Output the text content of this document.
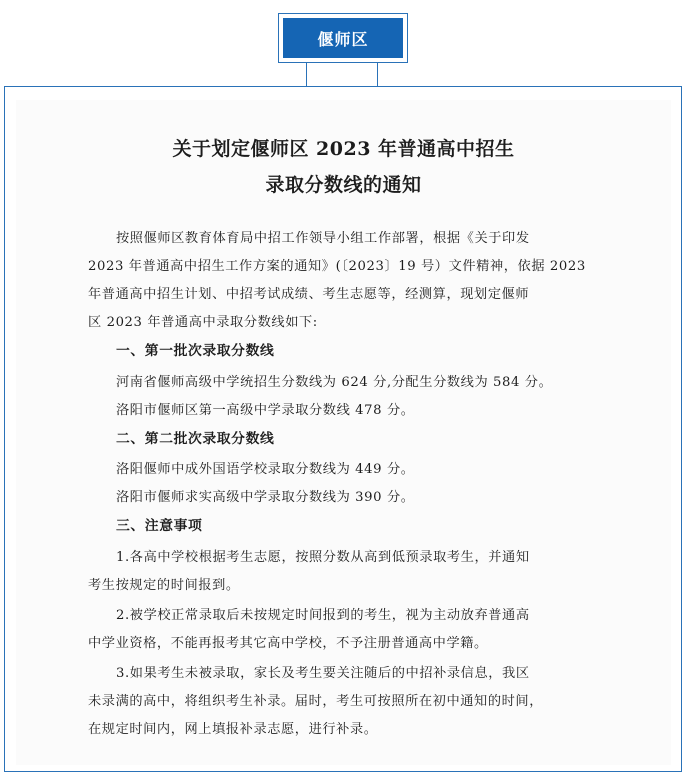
偃师区
关于划定偃师区 2023 年普通高中招生
录取分数线的通知
按照偃师区教育体育局中招工作领导小组工作部署，根据《关于印发
2023 年普通高中招生工作方案的通知》(〔2023〕19 号）文件精神，依据 2023
年普通高中招生计划、中招考试成绩、考生志愿等，经测算，现划定偃师
区 2023 年普通高中录取分数线如下:
一、第一批次录取分数线
河南省偃师高级中学统招生分数线为 624 分,分配生分数线为 584 分。
洛阳市偃师区第一高级中学录取分数线 478 分。
二、第二批次录取分数线
洛阳偃师中成外国语学校录取分数线为 449 分。
洛阳市偃师求实高级中学录取分数线为 390 分。
三、注意事项
1.各高中学校根据考生志愿，按照分数从高到低预录取考生，并通知
考生按规定的时间报到。
2.被学校正常录取后未按规定时间报到的考生，视为主动放弃普通高
中学业资格，不能再报考其它高中学校，不予注册普通高中学籍。
3.如果考生未被录取，家长及考生要关注随后的中招补录信息，我区
未录满的高中，将组织考生补录。届时，考生可按照所在初中通知的时间，
在规定时间内，网上填报补录志愿，进行补录。
